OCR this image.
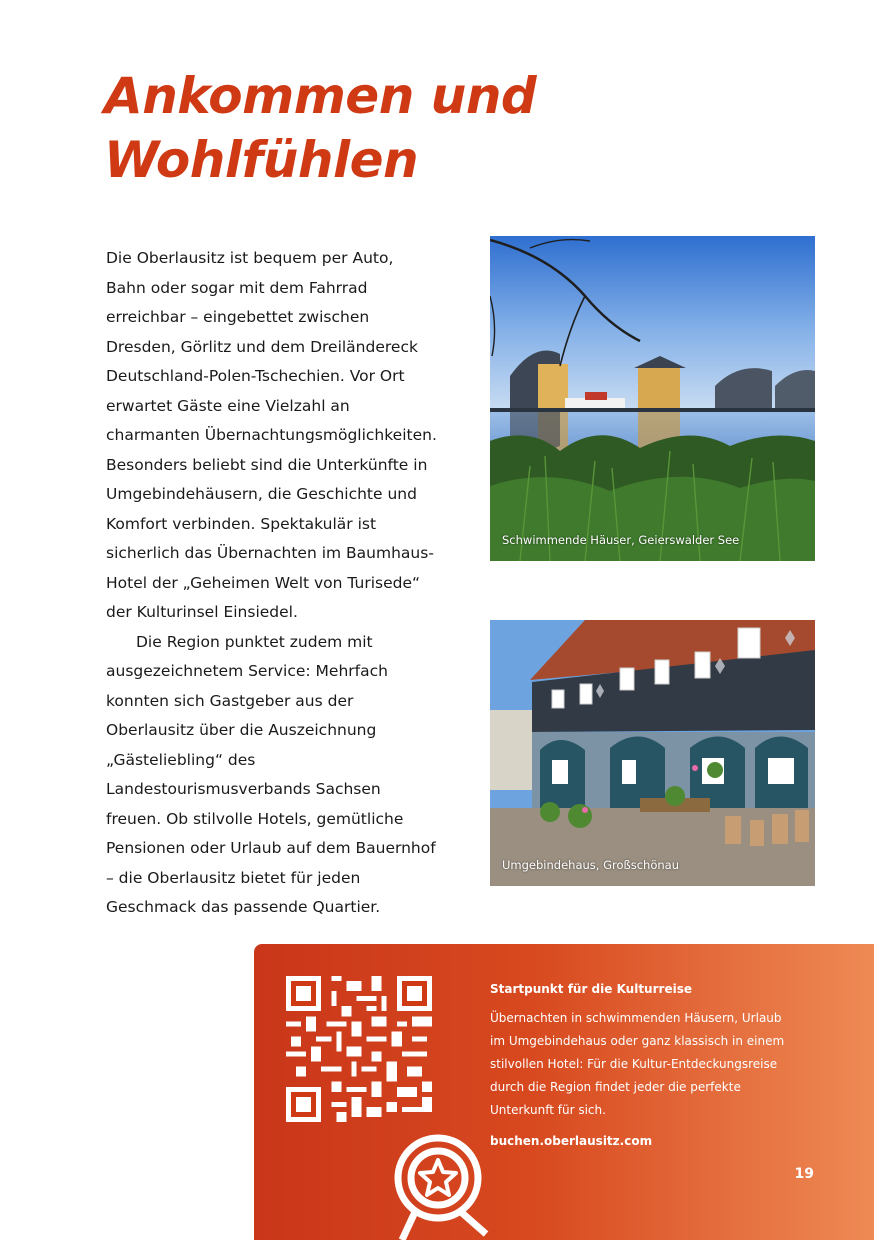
Ankommen und
Wohlfühlen

Die Oberlausitz ist bequem per Auto, Bahn oder sogar mit dem Fahrrad erreichbar – eingebettet zwischen Dresden, Görlitz und dem Dreiländereck Deutschland-Polen-Tschechien. Vor Ort erwartet Gäste eine Vielzahl an charmanten Übernachtungsmöglichkeiten. Besonders beliebt sind die Unterkünfte in Umgebindehäusern, die Geschichte und Komfort verbinden. Spektakulär ist sicherlich das Übernachten im Baumhaus-Hotel der „Geheimen Welt von Turisede“ der Kulturinsel Einsiedel.

Die Region punktet zudem mit ausgezeichnetem Service: Mehrfach konnten sich Gastgeber aus der Oberlausitz über die Auszeichnung „Gästeliebling“ des Landestourismusverbands Sachsen freuen. Ob stilvolle Hotels, gemütliche Pensionen oder Urlaub auf dem Bauernhof – die Oberlausitz bietet für jeden Geschmack das passende Quartier.

Schwimmende Häuser, Geierswalder See
Umgebindehaus, Großschönau

Startpunkt für die Kulturreise

Übernachten in schwimmenden Häusern, Urlaub im Umgebindehaus oder ganz klassisch in einem stilvollen Hotel: Für die Kultur-Entdeckungsreise durch die Region findet jeder die perfekte Unterkunft für sich.

buchen.oberlausitz.com

19
